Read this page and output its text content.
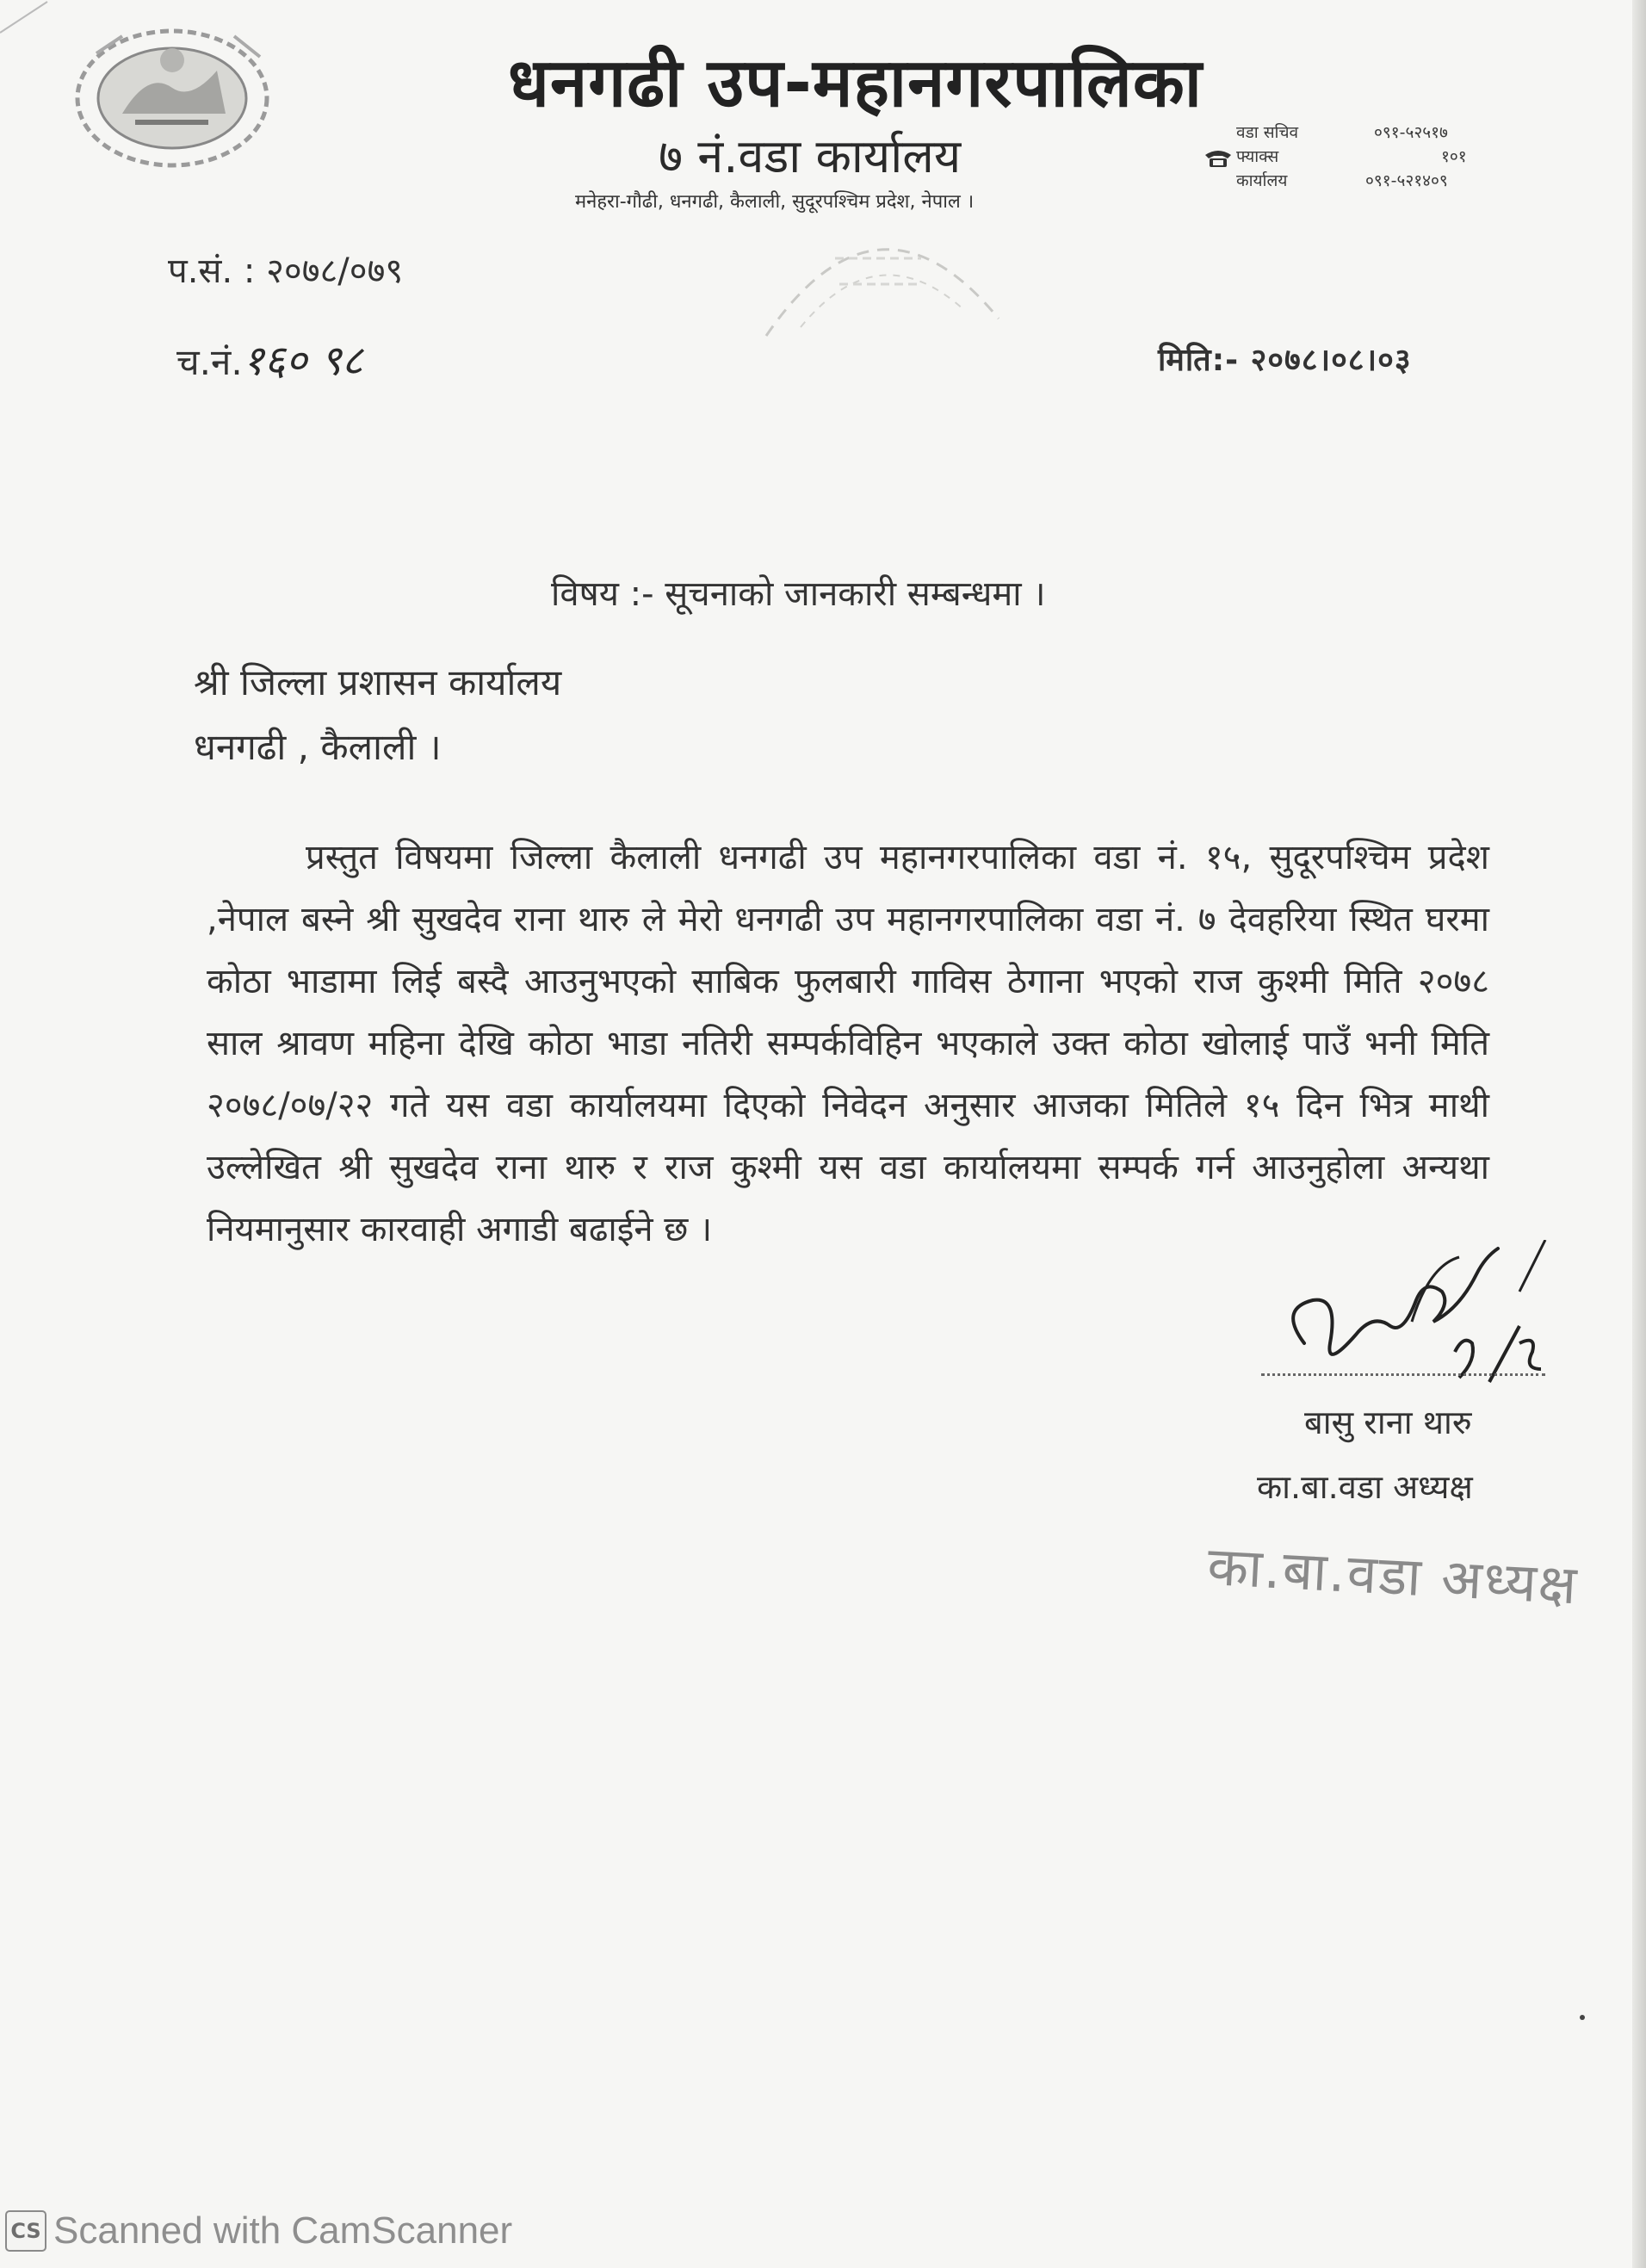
धनगढी उप-महानगरपालिका
७ नं.वडा कार्यालय
मनेहरा-गौढी, धनगढी, कैलाली, सुदूरपश्चिम प्रदेश, नेपाल ।
वडा सचिव	०९१-५२५१७
फ्याक्स	१०१
कार्यालय	०९१-५२१४०९
प.सं. : २०७८/०७९
च.नं.१६० ९८	मिति:- २०७८।०८।०३
विषय :- सूचनाको जानकारी सम्बन्धमा ।
श्री जिल्ला प्रशासन कार्यालय
धनगढी , कैलाली ।
प्रस्तुत विषयमा जिल्ला कैलाली धनगढी उप महानगरपालिका वडा नं. १५, सुदूरपश्चिम प्रदेश ,नेपाल बस्ने श्री सुखदेव राना थारु ले मेरो धनगढी उप महानगरपालिका वडा नं. ७ देवहरिया स्थित घरमा कोठा भाडामा लिई बस्दै आउनुभएको साबिक फुलबारी गाविस ठेगाना भएको राज कुश्मी मिति २०७८ साल श्रावण महिना देखि कोठा भाडा नतिरी सम्पर्कविहिन भएकाले उक्त कोठा खोलाई पाउँ भनी मिति २०७८/०७/२२ गते यस वडा कार्यालयमा दिएको निवेदन अनुसार आजका मितिले १५ दिन भित्र माथी उल्लेखित श्री सुखदेव राना थारु र राज कुश्मी यस वडा कार्यालयमा सम्पर्क गर्न आउनुहोला अन्यथा नियमानुसार कारवाही अगाडी बढाईने छ ।
बासु राना थारु
का.बा.वडा अध्यक्ष
का.बा.वडा अध्यक्ष
CS Scanned with CamScanner
